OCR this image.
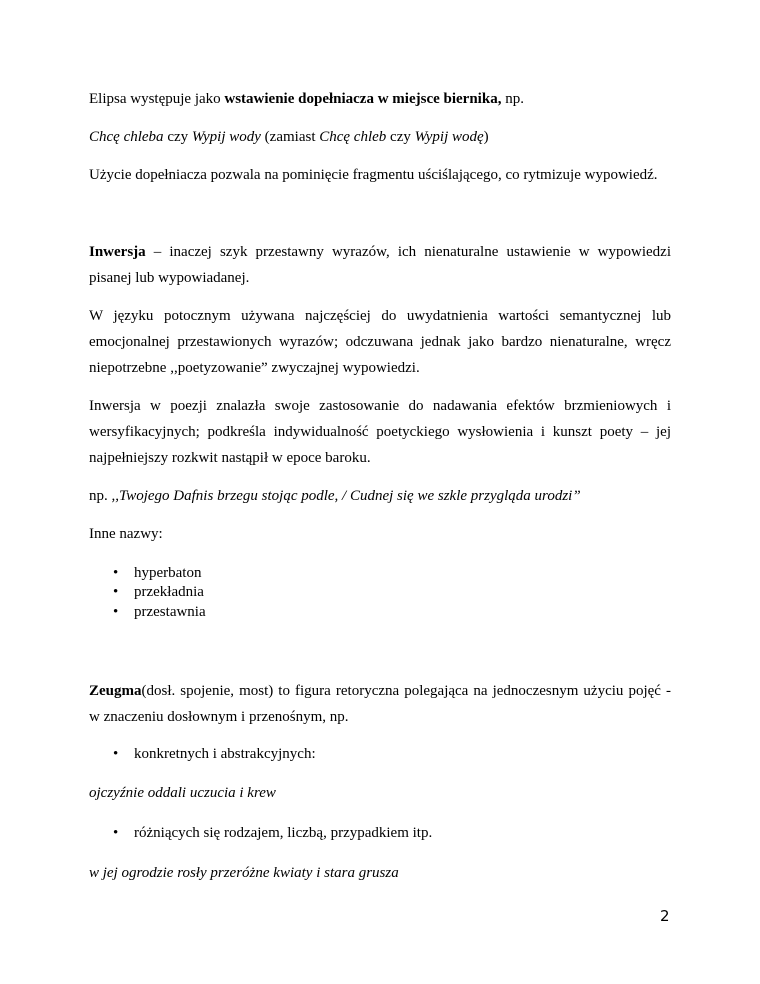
Elipsa występuje jako wstawienie dopełniacza w miejsce biernika, np.
Chcę chleba czy Wypij wody (zamiast Chcę chleb czy Wypij wodę)
Użycie dopełniacza pozwala na pominięcie fragmentu uściślającego, co rytmizuje wypowiedź.
Inwersja – inaczej szyk przestawny wyrazów, ich nienaturalne ustawienie w wypowiedzi
pisanej lub wypowiadanej.
W języku potocznym używana najczęściej do uwydatnienia wartości semantycznej lub
emocjonalnej przestawionych wyrazów; odczuwana jednak jako bardzo nienaturalne, wręcz
niepotrzebne ,,poetyzowanie” zwyczajnej wypowiedzi.
Inwersja w poezji znalazła swoje zastosowanie do nadawania efektów brzmieniowych i
wersyfikacyjnych; podkreśla indywidualność poetyckiego wysłowienia i kunszt poety – jej
najpełniejszy rozkwit nastąpił w epoce baroku.
np. ,,Twojego Dafnis brzegu stojąc podle, / Cudnej się we szkle przygląda urodzi”
Inne nazwy:
• hyperbaton
• przekładnia
• przestawnia
Zeugma(dosł. spojenie, most) to figura retoryczna polegająca na jednoczesnym użyciu pojęć -
w znaczeniu dosłownym i przenośnym, np.
• konkretnych i abstrakcyjnych:
ojczyźnie oddali uczucia i krew
• różniących się rodzajem, liczbą, przypadkiem itp.
w jej ogrodzie rosły przeróżne kwiaty i stara grusza
2
